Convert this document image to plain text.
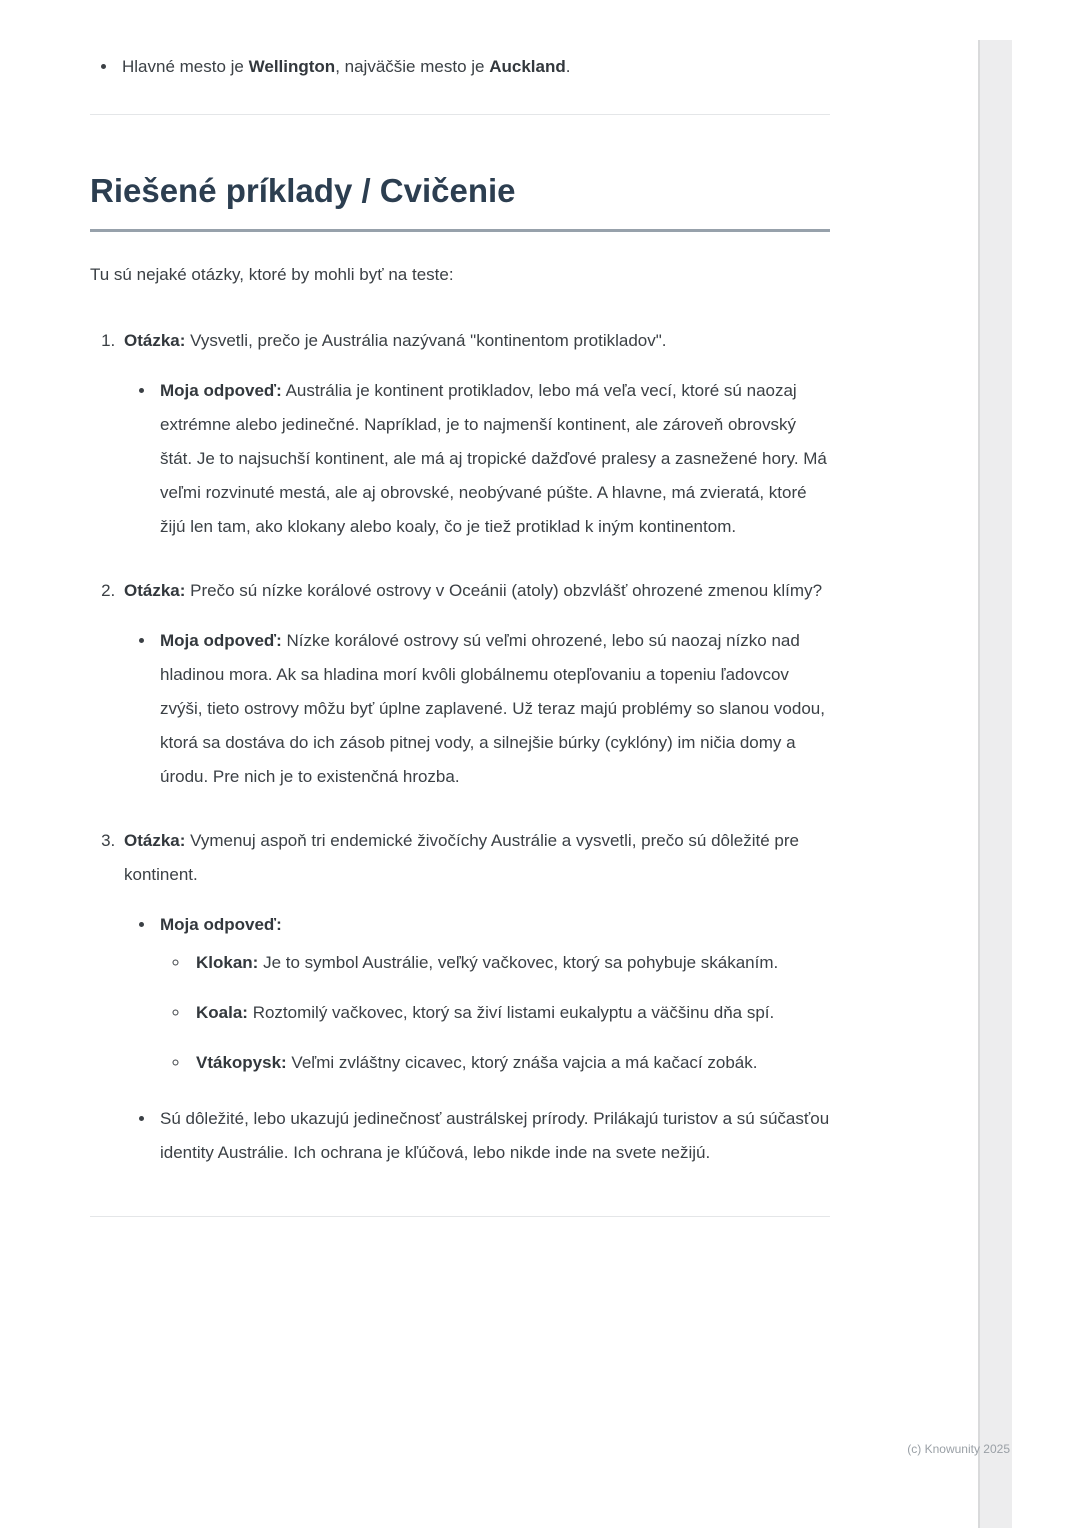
• Hlavné mesto je Wellington, najväčšie mesto je Auckland.
Riešené príklady / Cvičenie

Tu sú nejaké otázky, ktoré by mohli byť na teste:

1. Otázka: Vysvetli, prečo je Austrália nazývaná "kontinentom protikladov".

• Moja odpoveď: Austrália je kontinent protikladov, lebo má veľa vecí, ktoré sú naozaj extrémne alebo jedinečné. Napríklad, je to najmenší kontinent, ale zároveň obrovský štát. Je to najsuchší kontinent, ale má aj tropické dažďové pralesy a zasnežené hory. Má veľmi rozvinuté mestá, ale aj obrovské, neobývané púšte. A hlavne, má zvieratá, ktoré žijú len tam, ako klokany alebo koaly, čo je tiež protiklad k iným kontinentom.

2. Otázka: Prečo sú nízke korálové ostrovy v Oceánii (atoly) obzvlášť ohrozené zmenou klímy?

• Moja odpoveď: Nízke korálové ostrovy sú veľmi ohrozené, lebo sú naozaj nízko nad hladinou mora. Ak sa hladina morí kvôli globálnemu otepľovaniu a topeniu ľadovcov zvýši, tieto ostrovy môžu byť úplne zaplavené. Už teraz majú problémy so slanou vodou, ktorá sa dostáva do ich zásob pitnej vody, a silnejšie búrky (cyklóny) im ničia domy a úrodu. Pre nich je to existenčná hrozba.

3. Otázka: Vymenuj aspoň tri endemické živočíchy Austrálie a vysvetli, prečo sú dôležité pre kontinent.

• Moja odpoveď:

◦ Klokan: Je to symbol Austrálie, veľký vačkovec, ktorý sa pohybuje skákaním.

◦ Koala: Roztomilý vačkovec, ktorý sa živí listami eukalyptu a väčšinu dňa spí.

◦ Vtákopysk: Veľmi zvláštny cicavec, ktorý znáša vajcia a má kačací zobák.

• Sú dôležité, lebo ukazujú jedinečnosť austrálskej prírody. Prilákajú turistov a sú súčasťou identity Austrálie. Ich ochrana je kľúčová, lebo nikde inde na svete nežijú.

(c) Knowunity 2025
